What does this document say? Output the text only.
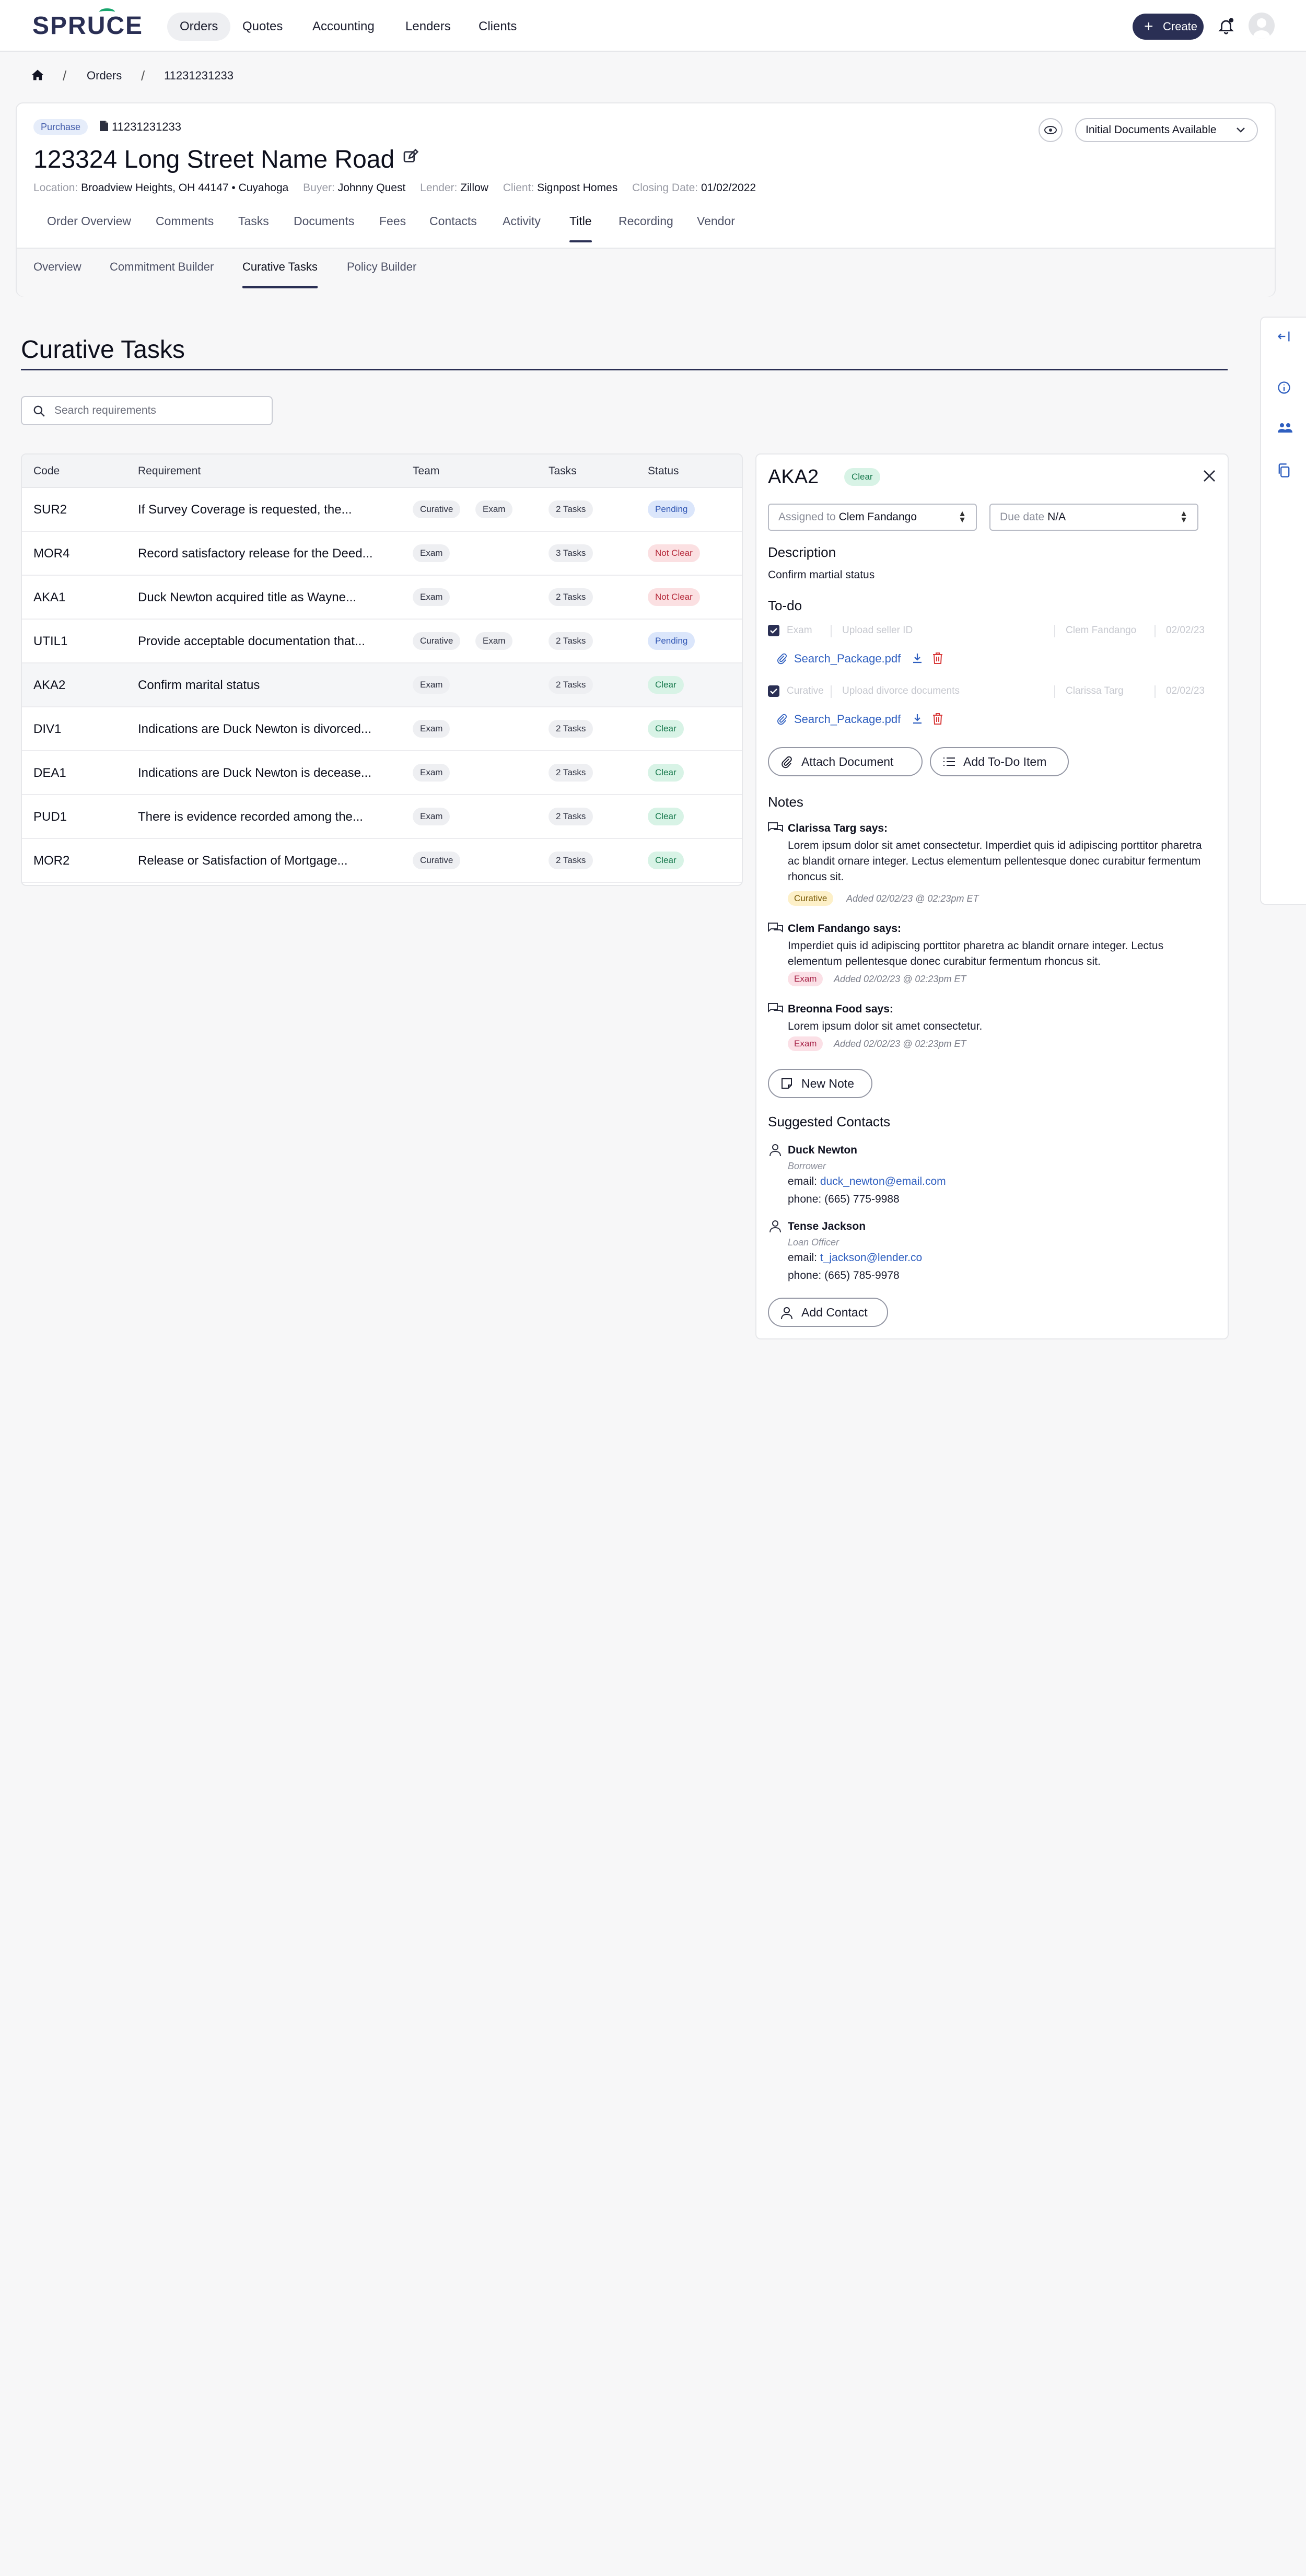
SPRUCE	Orders	Quotes	Accounting	Lenders	Clients	+ Create
/ Orders / 11231231233
Purchase	11231231233
123324 Long Street Name Road
Location: Broadview Heights, OH 44147 • Cuyahoga Buyer: Johnny Quest Lender: Zillow Client: Signpost Homes Closing Date: 01/02/2022
Initial Documents Available
Order Overview Comments Tasks Documents Fees Contacts Activity Title Recording Vendor
Overview Commitment Builder Curative Tasks	Policy Builder
Curative Tasks
Search requirements
Code	Requirement	Team	Tasks	Status
SUR2	If Survey Coverage is requested, the...	Curative	Exam	2 Tasks	Pending
MOR4	Record satisfactory release for the Deed...	Exam	3 Tasks	Not Clear
AKA1	Duck Newton acquired title as Wayne...	Exam	2 Tasks	Not Clear
UTIL1	Provide acceptable documentation that...	Curative	Exam	2 Tasks	Pending
AKA2	Confirm marital status	Exam	2 Tasks	Clear
DIV1	Indications are Duck Newton is divorced...	Exam	2 Tasks	Clear
DEA1	Indications are Duck Newton is decease...	Exam	2 Tasks	Clear
PUD1	There is evidence recorded among the...	Exam	2 Tasks	Clear
MOR2	Release or Satisfaction of Mortgage...	Curative	2 Tasks	Clear
AKA2	Clear
Assigned to Clem Fandango	▲
▼	Due date N/A	▲
▼
Description
Confirm martial status
To-do
Exam	Upload seller ID	Clem Fandango	02/02/23
Search_Package.pdf
Curative Upload divorce documents	Clarissa Targ	02/02/23
Search_Package.pdf
Attach Document	Add To-Do Item
Notes
Clarissa Targ says:
Lorem ipsum dolor sit amet consectetur. Imperdiet quis id adipiscing porttitor pharetra ac blandit ornare integer. Lectus elementum pellentesque donec curabitur fermentum rhoncus sit.
Curative	Added 02/02/23 @ 02:23pm ET
Clem Fandango says:
Imperdiet quis id adipiscing porttitor pharetra ac blandit ornare integer. Lectus elementum pellentesque donec curabitur fermentum rhoncus sit.
Exam	Added 02/02/23 @ 02:23pm ET
Breonna Food says:
Lorem ipsum dolor sit amet consectetur.
Exam	Added 02/02/23 @ 02:23pm ET
New Note
Suggested Contacts
Duck Newton
Borrower
email: duck_newton@email.com
phone: (665) 775-9988
Tense Jackson
Loan Officer
email: t_jackson@lender.co
phone: (665) 785-9978
Add Contact
